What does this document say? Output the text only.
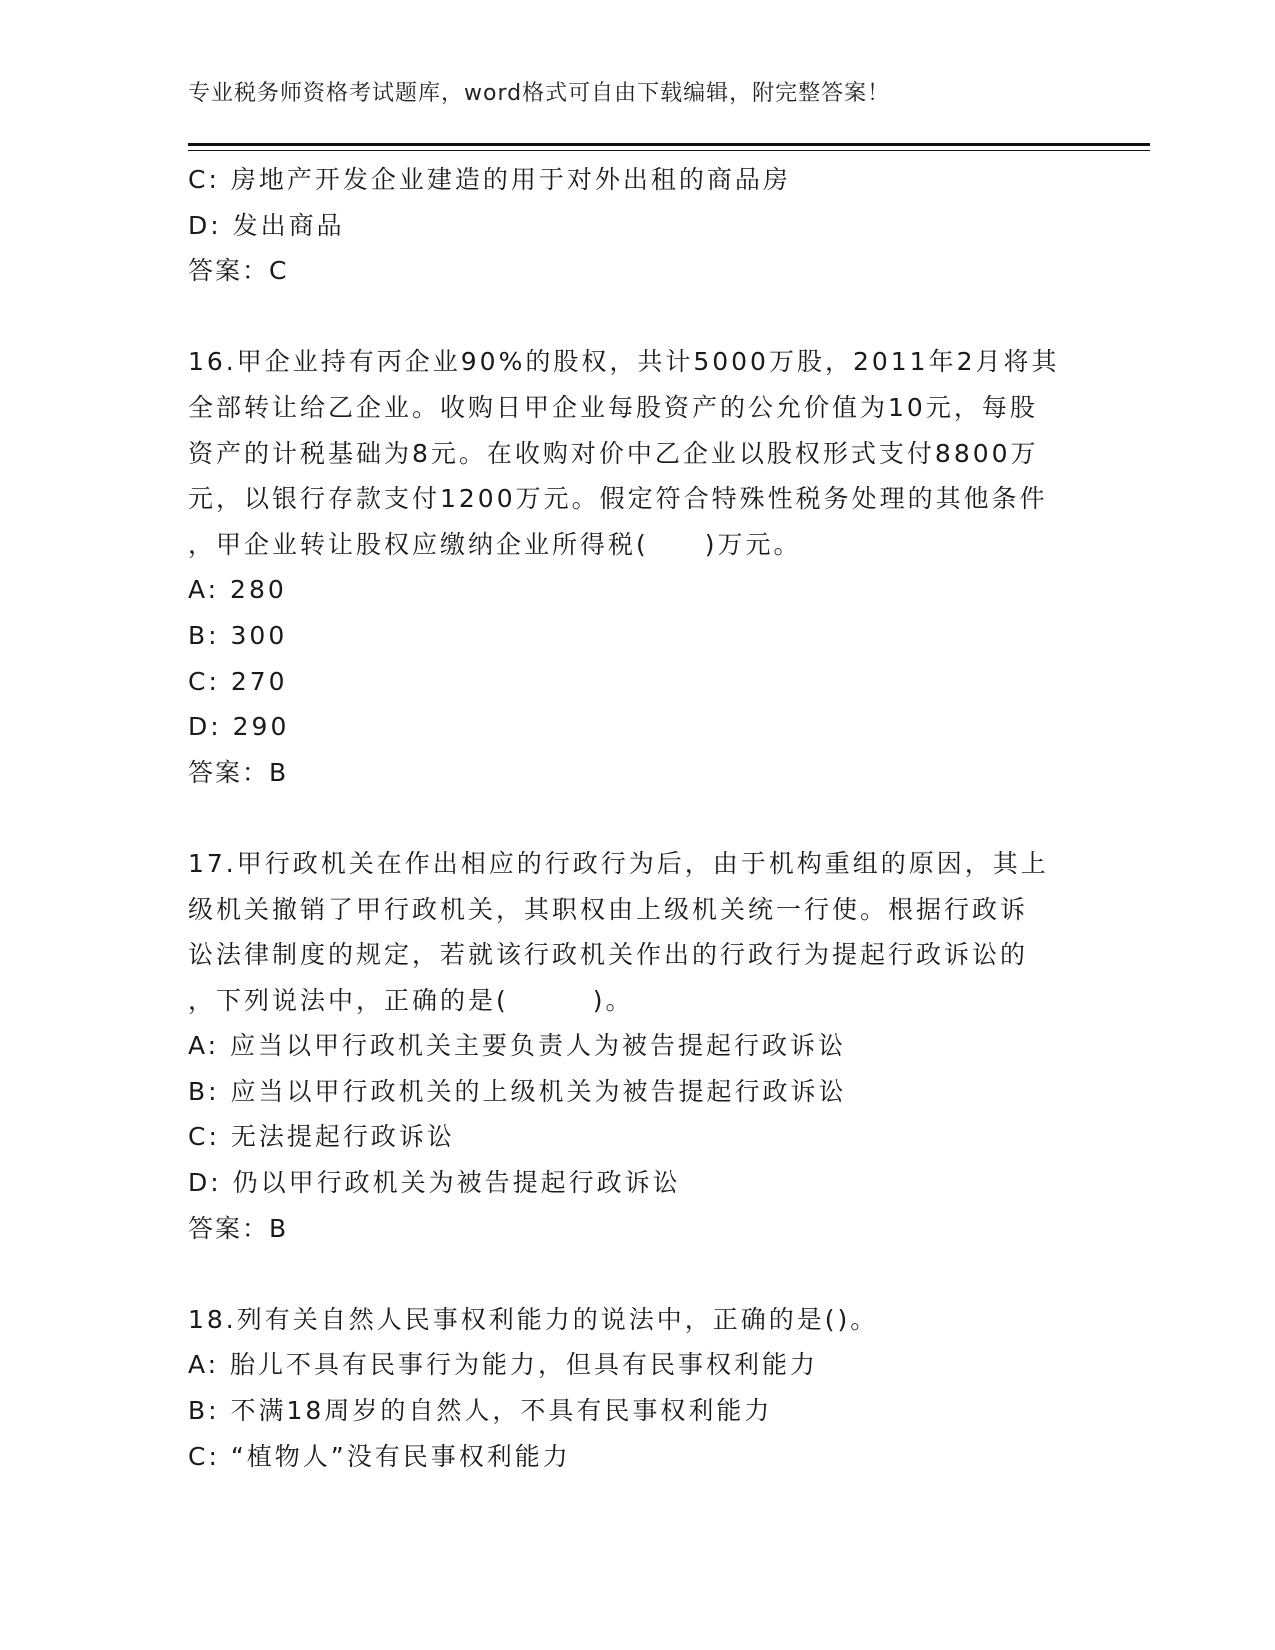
专业税务师资格考试题库，word格式可自由下载编辑，附完整答案！
C: 房地产开发企业建造的用于对外出租的商品房
D: 发出商品
答案：C
16.甲企业持有丙企业90%的股权，共计5000万股，2011年2月将其
全部转让给乙企业。收购日甲企业每股资产的公允价值为10元，每股
资产的计税基础为8元。在收购对价中乙企业以股权形式支付8800万
元，以银行存款支付1200万元。假定符合特殊性税务处理的其他条件
，甲企业转让股权应缴纳企业所得税(　　)万元。
A: 280
B: 300
C: 270
D: 290
答案：B
17.甲行政机关在作出相应的行政行为后，由于机构重组的原因，其上
级机关撤销了甲行政机关，其职权由上级机关统一行使。根据行政诉
讼法律制度的规定，若就该行政机关作出的行政行为提起行政诉讼的
，下列说法中，正确的是(　　　)。
A: 应当以甲行政机关主要负责人为被告提起行政诉讼
B: 应当以甲行政机关的上级机关为被告提起行政诉讼
C: 无法提起行政诉讼
D: 仍以甲行政机关为被告提起行政诉讼
答案：B
18.列有关自然人民事权利能力的说法中，正确的是()。
A: 胎儿不具有民事行为能力，但具有民事权利能力
B: 不满18周岁的自然人，不具有民事权利能力
C: “植物人”没有民事权利能力
